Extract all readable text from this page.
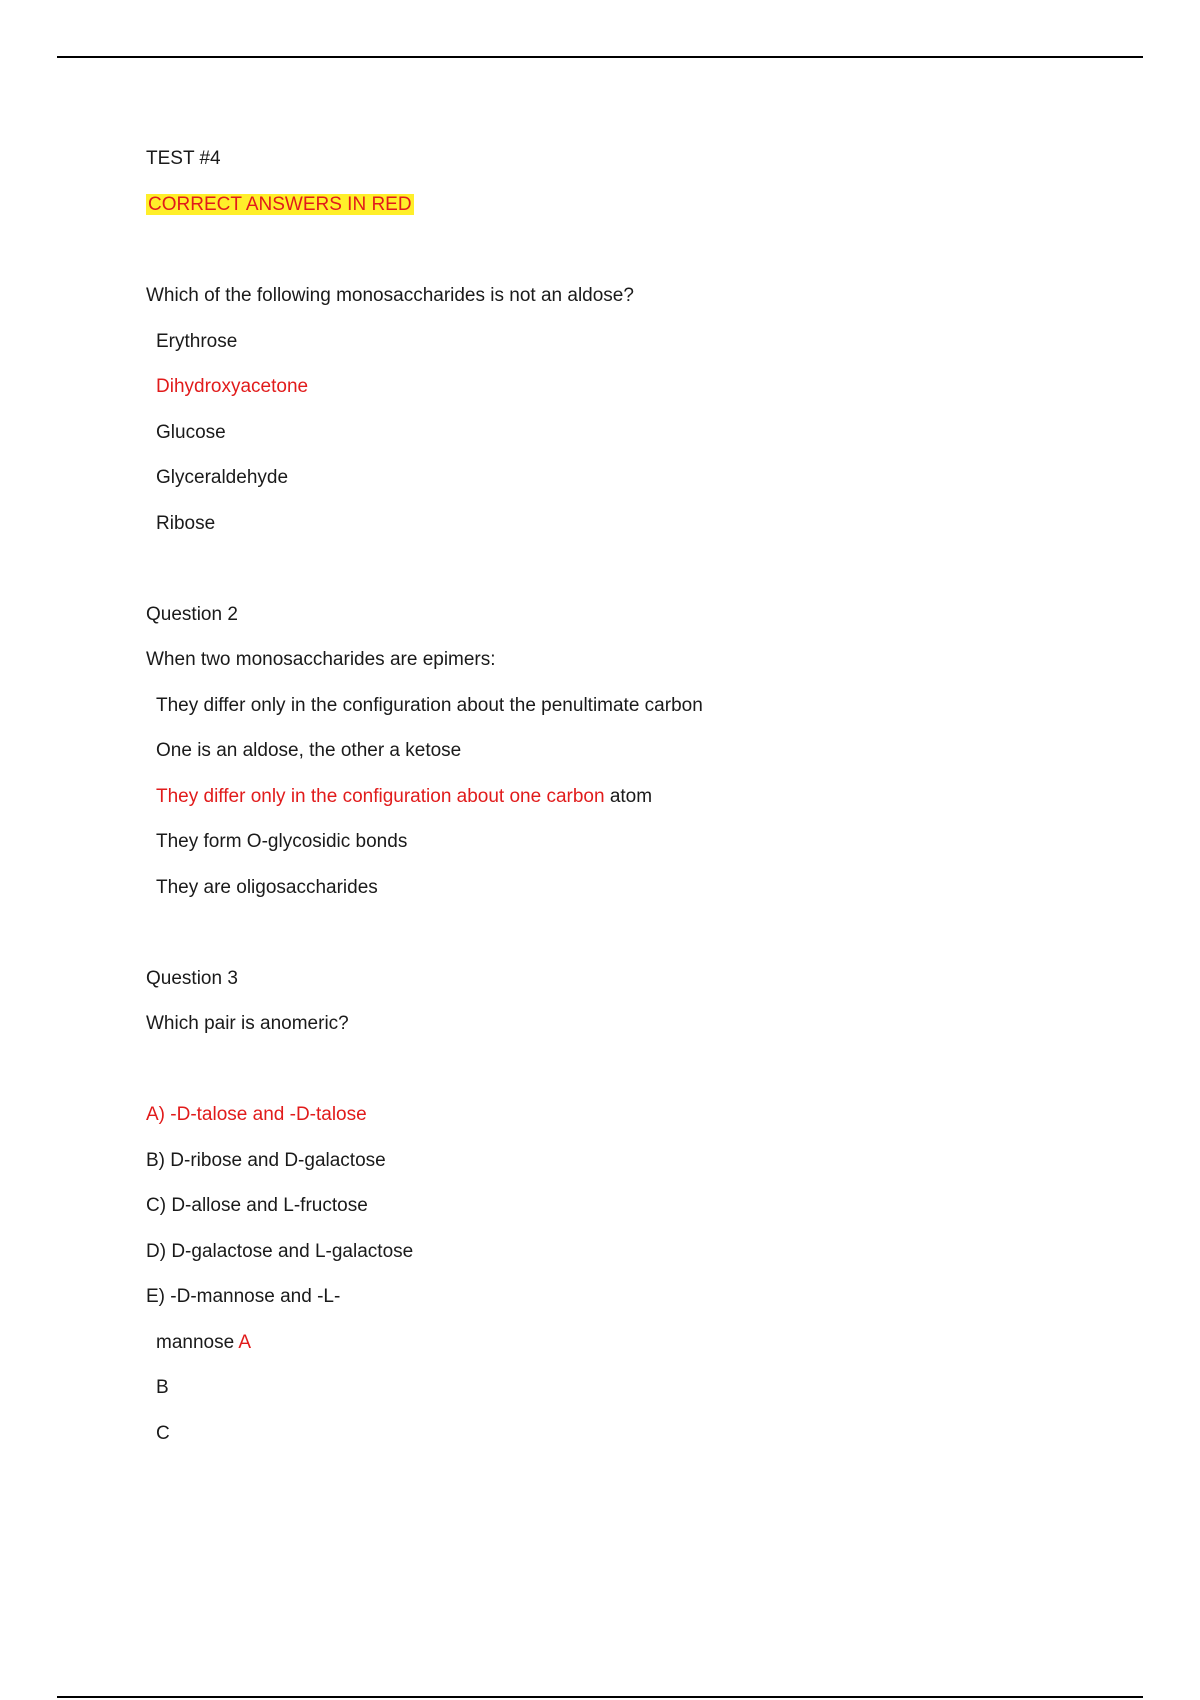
TEST #4
CORRECT ANSWERS IN RED
Which of the following monosaccharides is not an aldose?
Erythrose
Dihydroxyacetone
Glucose
Glyceraldehyde
Ribose
Question 2
When two monosaccharides are epimers:
They differ only in the configuration about the penultimate carbon
One is an aldose, the other a ketose
They differ only in the configuration about one carbon atom
They form O-glycosidic bonds
They are oligosaccharides
Question 3
Which pair is anomeric?
A) -D-talose and -D-talose
B) D-ribose and D-galactose
C) D-allose and L-fructose
D) D-galactose and L-galactose
E) -D-mannose and -L-
mannose A
B
C
